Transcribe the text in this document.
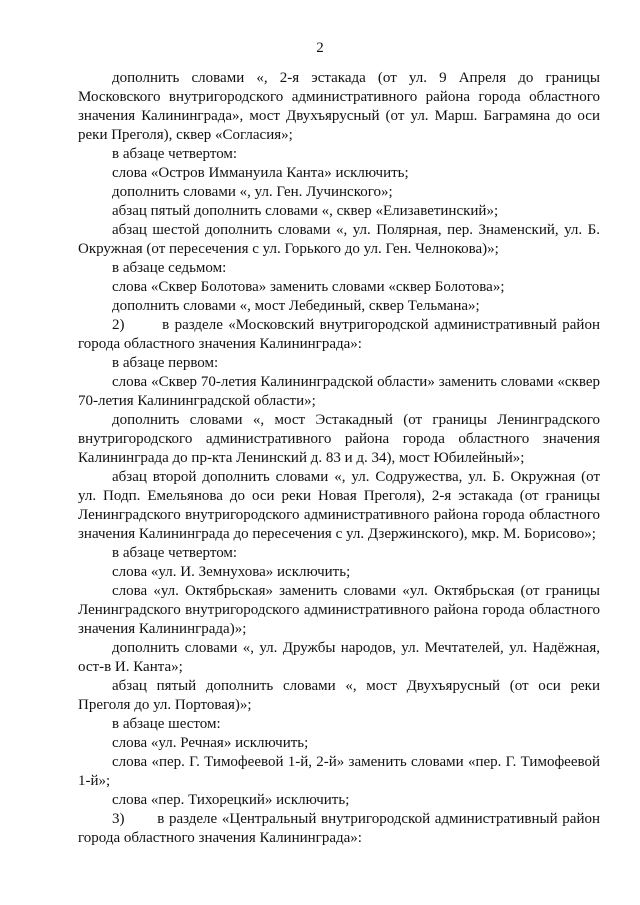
2

дополнить словами «, 2-я эстакада (от ул. 9 Апреля до границы Московского внутригородского административного района города областного значения Калининграда», мост Двухъярусный (от ул. Марш. Баграмяна до оси реки Преголя), сквер «Согласия»;

в абзаце четвертом:

слова «Остров Иммануила Канта» исключить;

дополнить словами «, ул. Ген. Лучинского»;

абзац пятый дополнить словами «, сквер «Елизаветинский»;

абзац шестой дополнить словами «, ул. Полярная, пер. Знаменский, ул. Б. Окружная (от пересечения с ул. Горького до ул. Ген. Челнокова)»;

в абзаце седьмом:

слова «Сквер Болотова» заменить словами «сквер Болотова»;

дополнить словами «, мост Лебединый, сквер Тельмана»;

2)       в разделе «Московский внутригородской административный район города областного значения Калининграда»:

в абзаце первом:

слова «Сквер 70-летия Калининградской области» заменить словами «сквер 70-летия Калининградской области»;

дополнить словами «, мост Эстакадный (от границы Ленинградского внутригородского административного района города областного значения Калининграда до пр-кта Ленинский д. 83 и д. 34), мост Юбилейный»;

абзац второй дополнить словами «, ул. Содружества, ул. Б. Окружная (от ул. Подп. Емельянова до оси реки Новая Преголя), 2-я эстакада (от границы Ленинградского внутригородского административного района города областного значения Калининграда до пересечения с ул. Дзержинского), мкр. М. Борисово»;

в абзаце четвертом:

слова «ул. И. Земнухова» исключить;

слова «ул. Октябрьская» заменить словами «ул. Октябрьская (от границы Ленинградского внутригородского административного района города областного значения Калининграда)»;

дополнить словами «, ул. Дружбы народов, ул. Мечтателей, ул. Надёжная, ост-в И. Канта»;

абзац пятый дополнить словами «, мост Двухъярусный (от оси реки Преголя до ул. Портовая)»;

в абзаце шестом:

слова «ул. Речная» исключить;

слова «пер. Г. Тимофеевой 1-й, 2-й» заменить словами «пер. Г. Тимофеевой 1-й»;

слова «пер. Тихорецкий» исключить;

3)       в разделе «Центральный внутригородской административный район города областного значения Калининграда»:
